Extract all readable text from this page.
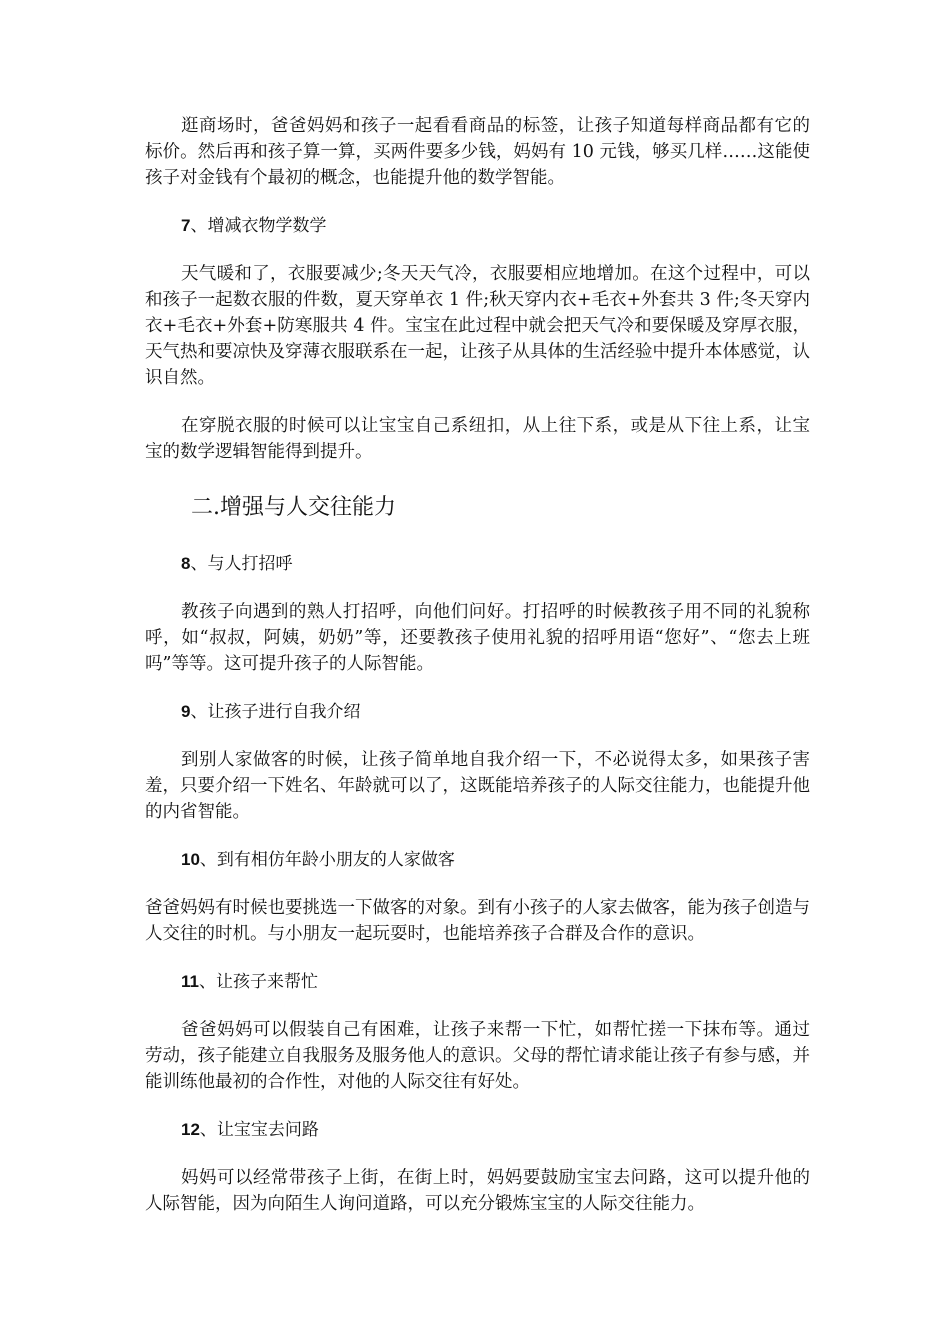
逛商场时，爸爸妈妈和孩子一起看看商品的标签，让孩子知道每样商品都有它的标价。然后再和孩子算一算，买两件要多少钱，妈妈有 10 元钱，够买几样……这能使孩子对金钱有个最初的概念，也能提升他的数学智能。

7、增减衣物学数学

天气暖和了，衣服要减少;冬天天气冷，衣服要相应地增加。在这个过程中，可以和孩子一起数衣服的件数，夏天穿单衣 1 件;秋天穿内衣+毛衣+外套共 3 件;冬天穿内衣+毛衣+外套+防寒服共 4 件。宝宝在此过程中就会把天气冷和要保暖及穿厚衣服，天气热和要凉快及穿薄衣服联系在一起，让孩子从具体的生活经验中提升本体感觉，认识自然。

在穿脱衣服的时候可以让宝宝自己系纽扣，从上往下系，或是从下往上系，让宝宝的数学逻辑智能得到提升。

二.增强与人交往能力

8、与人打招呼

教孩子向遇到的熟人打招呼，向他们问好。打招呼的时候教孩子用不同的礼貌称呼，如“叔叔，阿姨，奶奶”等，还要教孩子使用礼貌的招呼用语“您好”、“您去上班吗”等等。这可提升孩子的人际智能。

9、让孩子进行自我介绍

到别人家做客的时候，让孩子简单地自我介绍一下，不必说得太多，如果孩子害羞，只要介绍一下姓名、年龄就可以了，这既能培养孩子的人际交往能力，也能提升他的内省智能。

10、到有相仿年龄小朋友的人家做客

爸爸妈妈有时候也要挑选一下做客的对象。到有小孩子的人家去做客，能为孩子创造与人交往的时机。与小朋友一起玩耍时，也能培养孩子合群及合作的意识。

11、让孩子来帮忙

爸爸妈妈可以假装自己有困难，让孩子来帮一下忙，如帮忙搓一下抹布等。通过劳动，孩子能建立自我服务及服务他人的意识。父母的帮忙请求能让孩子有参与感，并能训练他最初的合作性，对他的人际交往有好处。

12、让宝宝去问路

妈妈可以经常带孩子上街，在街上时，妈妈要鼓励宝宝去问路，这可以提升他的人际智能，因为向陌生人询问道路，可以充分锻炼宝宝的人际交往能力。
